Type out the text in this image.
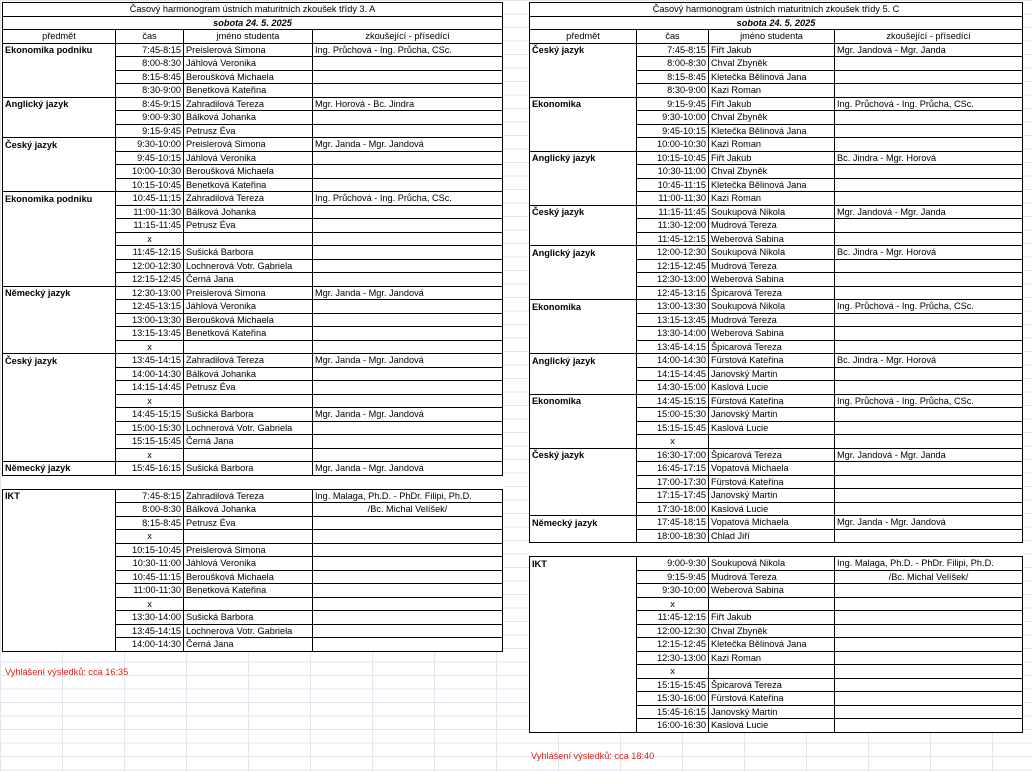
Časový harmonogram ústních maturitních zkoušek třídy 3. A			
sobota 24. 5. 2025			
předmět	čas	jméno studenta	zkoušející - přísedící
Ekonomika podniku	7:45-8:15	Preislerová Simona	Ing. Průchová - Ing. Průcha, CSc.
	8:00-8:30	Jáhlová Veronika	
	8:15-8:45	Beroušková Michaela	
	8:30-9:00	Benetková Kateřina	
Anglický jazyk	8:45-9:15	Zahradilová Tereza	Mgr. Horová - Bc. Jindra
	9:00-9:30	Bálková Johanka	
	9:15-9:45	Petrusz Éva	
Český jazyk	9:30-10:00	Preislerová Simona	Mgr. Janda - Mgr. Jandová
	9:45-10:15	Jáhlová Veronika	
	10:00-10:30	Beroušková Michaela	
	10:15-10:45	Benetková Kateřina	
Ekonomika podniku	10:45-11:15	Zahradilová Tereza	Ing. Průchová - Ing. Průcha, CSc.
	11:00-11:30	Bálková Johanka	
	11:15-11:45	Petrusz Éva	
	x		
	11:45-12:15	Sušická Barbora	
	12:00-12:30	Lochnerová Votr. Gabriela	
	12:15-12:45	Černá Jana	
Německý jazyk	12:30-13:00	Preislerová Simona	Mgr. Janda - Mgr. Jandová
	12:45-13:15	Jáhlová Veronika	
	13:00-13:30	Beroušková Michaela	
	13:15-13:45	Benetková Kateřina	
	x		
Český jazyk	13:45-14:15	Zahradilová Tereza	Mgr. Janda - Mgr. Jandová
	14:00-14:30	Bálková Johanka	
	14:15-14:45	Petrusz Éva	
	x		
	14:45-15:15	Sušická Barbora	Mgr. Janda - Mgr. Jandová
	15:00-15:30	Lochnerová Votr. Gabriela	
	15:15-15:45	Černá Jana	
	x		
Německý jazyk	15:45-16:15	Sušická Barbora	Mgr. Janda - Mgr. Jandová

IKT	7:45-8:15	Zahradilová Tereza	Ing. Malaga, Ph.D. - PhDr. Filipi, Ph.D.
	8:00-8:30	Bálková Johanka	/Bc. Michal Velíšek/
	8:15-8:45	Petrusz Éva	
	x		
	10:15-10:45	Preislerová Simona	
	10:30-11:00	Jáhlová Veronika	
	10:45-11:15	Beroušková Michaela	
	11:00-11:30	Benetková Kateřina	
	x		
	13:30-14:00	Sušická Barbora	
	13:45-14:15	Lochnerová Votr. Gabriela	
	14:00-14:30	Černá Jana	
Časový harmonogram ústních maturitních zkoušek třídy 5. C			
sobota 24. 5. 2025			
předmět	čas	jméno studenta	zkoušející - přísedící
Český jazyk	7:45-8:15	Fiřt Jakub	Mgr. Jandová - Mgr. Janda
	8:00-8:30	Chval Zbyněk	
	8:15-8:45	Kletečka Bělinová Jana	
	8:30-9:00	Kazi Roman	
Ekonomika	9:15-9:45	Fiřt Jakub	Ing. Průchová - Ing. Průcha, CSc.
	9:30-10:00	Chval Zbyněk	
	9:45-10:15	Kletečka Bělinová Jana	
	10:00-10:30	Kazi Roman	
Anglický jazyk	10:15-10:45	Fiřt Jakub	Bc. Jindra - Mgr. Horová
	10:30-11:00	Chval Zbyněk	
	10:45-11:15	Kletečka Bělinová Jana	
	11:00-11:30	Kazi Roman	
Český jazyk	11:15-11:45	Soukupová Nikola	Mgr. Jandová - Mgr. Janda
	11:30-12:00	Mudrová Tereza	
	11:45-12:15	Weberová Sabina	
Anglický jazyk	12:00-12:30	Soukupová Nikola	Bc. Jindra - Mgr. Horová
	12:15-12:45	Mudrová Tereza	
	12:30-13:00	Weberová Sabina	
	12:45-13:15	Špicarová Tereza	
Ekonomika	13:00-13:30	Soukupová Nikola	Ing. Průchová - Ing. Průcha, CSc.
	13:15-13:45	Mudrová Tereza	
	13:30-14:00	Weberová Sabina	
	13:45-14:15	Špicarová Tereza	
Anglický jazyk	14:00-14:30	Fürstová Kateřina	Bc. Jindra - Mgr. Horová
	14:15-14:45	Janovský Martin	
	14:30-15:00	Kaslová Lucie	
Ekonomika	14:45-15:15	Fürstová Kateřina	Ing. Průchová - Ing. Průcha, CSc.
	15:00-15:30	Janovský Martin	
	15:15-15:45	Kaslová Lucie	
	x		
Český jazyk	16:30-17:00	Špicarová Tereza	Mgr. Jandová - Mgr. Janda
	16:45-17:15	Vopatová Michaela	
	17:00-17:30	Fürstová Kateřina	
	17:15-17:45	Janovský Martin	
	17:30-18:00	Kaslová Lucie	
Německý jazyk	17:45-18:15	Vopatová Michaela	Mgr. Janda - Mgr. Jandová
	18:00-18:30	Chlad Jiří	

IKT	9:00-9:30	Soukupová Nikola	Ing. Malaga, Ph.D. - PhDr. Filipi, Ph.D.
	9:15-9:45	Mudrová Tereza	/Bc. Michal Velíšek/
	9:30-10:00	Weberová Sabina	
	x		
	11:45-12:15	Fiřt Jakub	
	12:00-12:30	Chval Zbyněk	
	12:15-12:45	Kletečka Bělinová Jana	
	12:30-13:00	Kazi Roman	
	x		
	15:15-15:45	Špicarová Tereza	
	15:30-16:00	Fürstová Kateřina	
	15:45-16:15	Janovský Martin	
	16:00-16:30	Kaslová Lucie	
Vyhlášení výsledků: cca 16:35
Vyhlášení výsledků: cca 18:40
